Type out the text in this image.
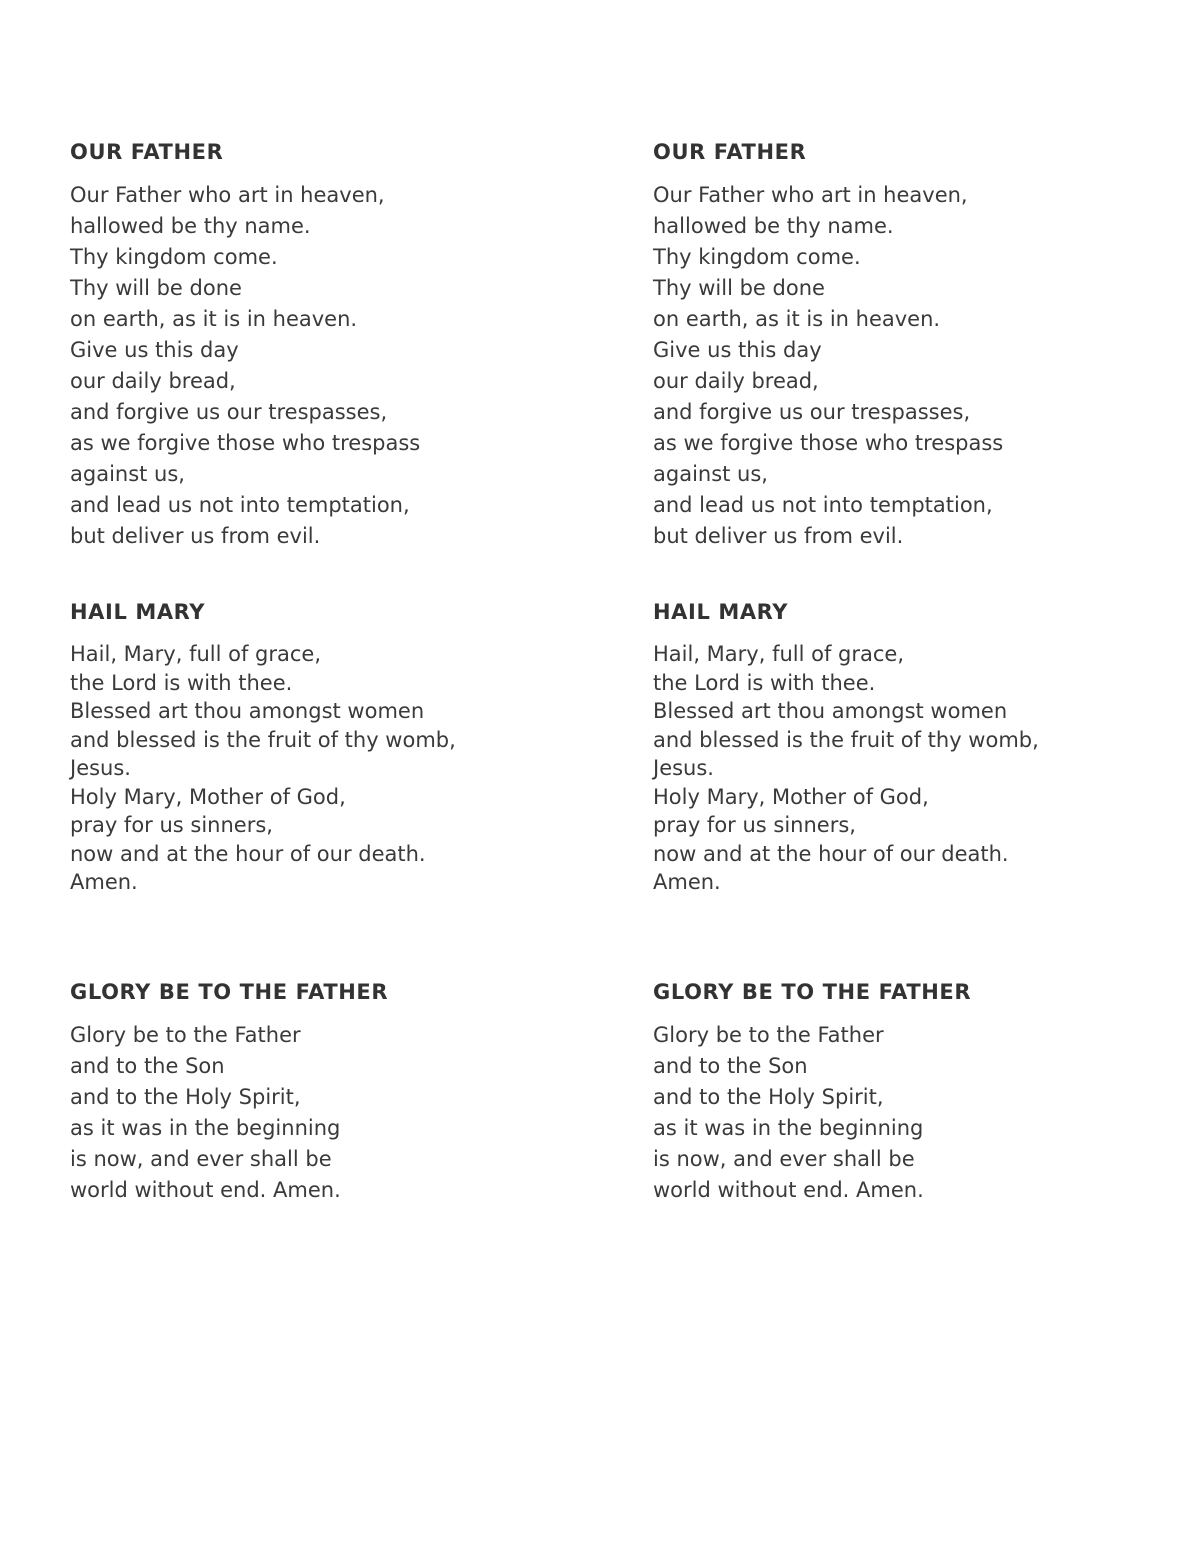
OUR FATHER
Our Father who art in heaven,
hallowed be thy name.
Thy kingdom come.
Thy will be done
on earth, as it is in heaven.
Give us this day
our daily bread,
and forgive us our trespasses,
as we forgive those who trespass
against us,
and lead us not into temptation,
but deliver us from evil.
HAIL MARY
Hail, Mary, full of grace,
the Lord is with thee.
Blessed art thou amongst women
and blessed is the fruit of thy womb,
Jesus.
Holy Mary, Mother of God,
pray for us sinners,
now and at the hour of our death.
Amen.
GLORY BE TO THE FATHER
Glory be to the Father
and to the Son
and to the Holy Spirit,
as it was in the beginning
is now, and ever shall be
world without end. Amen.
OUR FATHER
Our Father who art in heaven,
hallowed be thy name.
Thy kingdom come.
Thy will be done
on earth, as it is in heaven.
Give us this day
our daily bread,
and forgive us our trespasses,
as we forgive those who trespass
against us,
and lead us not into temptation,
but deliver us from evil.
HAIL MARY
Hail, Mary, full of grace,
the Lord is with thee.
Blessed art thou amongst women
and blessed is the fruit of thy womb,
Jesus.
Holy Mary, Mother of God,
pray for us sinners,
now and at the hour of our death.
Amen.
GLORY BE TO THE FATHER
Glory be to the Father
and to the Son
and to the Holy Spirit,
as it was in the beginning
is now, and ever shall be
world without end. Amen.
